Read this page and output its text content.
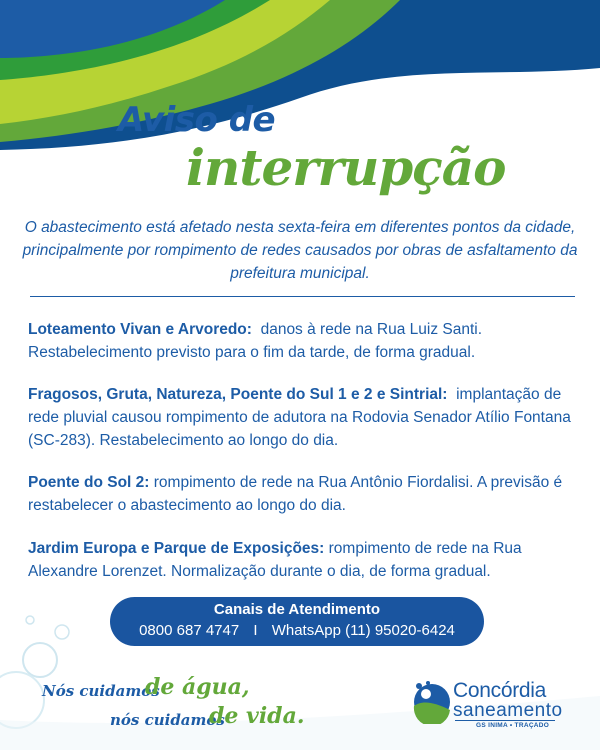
Aviso de
interrupção

O abastecimento está afetado nesta sexta-feira em diferentes pontos da cidade, principalmente por rompimento de redes causados por obras de asfaltamento da prefeitura municipal.

Loteamento Vivan e Arvoredo: danos à rede na Rua Luiz Santi. Restabelecimento previsto para o fim da tarde, de forma gradual.

Fragosos, Gruta, Natureza, Poente do Sul 1 e 2 e Sintrial: implantação de rede pluvial causou rompimento de adutora na Rodovia Senador Atílio Fontana (SC-283). Restabelecimento ao longo do dia.

Poente do Sol 2: rompimento de rede na Rua Antônio Fiordalisi. A previsão é restabelecer o abastecimento ao longo do dia.

Jardim Europa e Parque de Exposições: rompimento de rede na Rua Alexandre Lorenzet. Normalização durante o dia, de forma gradual.

Canais de Atendimento
0800 687 4747 I WhatsApp (11) 95020-6424
Nós cuidamos
de água,
nós cuidamos
de vida.
Concórdia
saneamento
GS INIMA • TRAÇADO
